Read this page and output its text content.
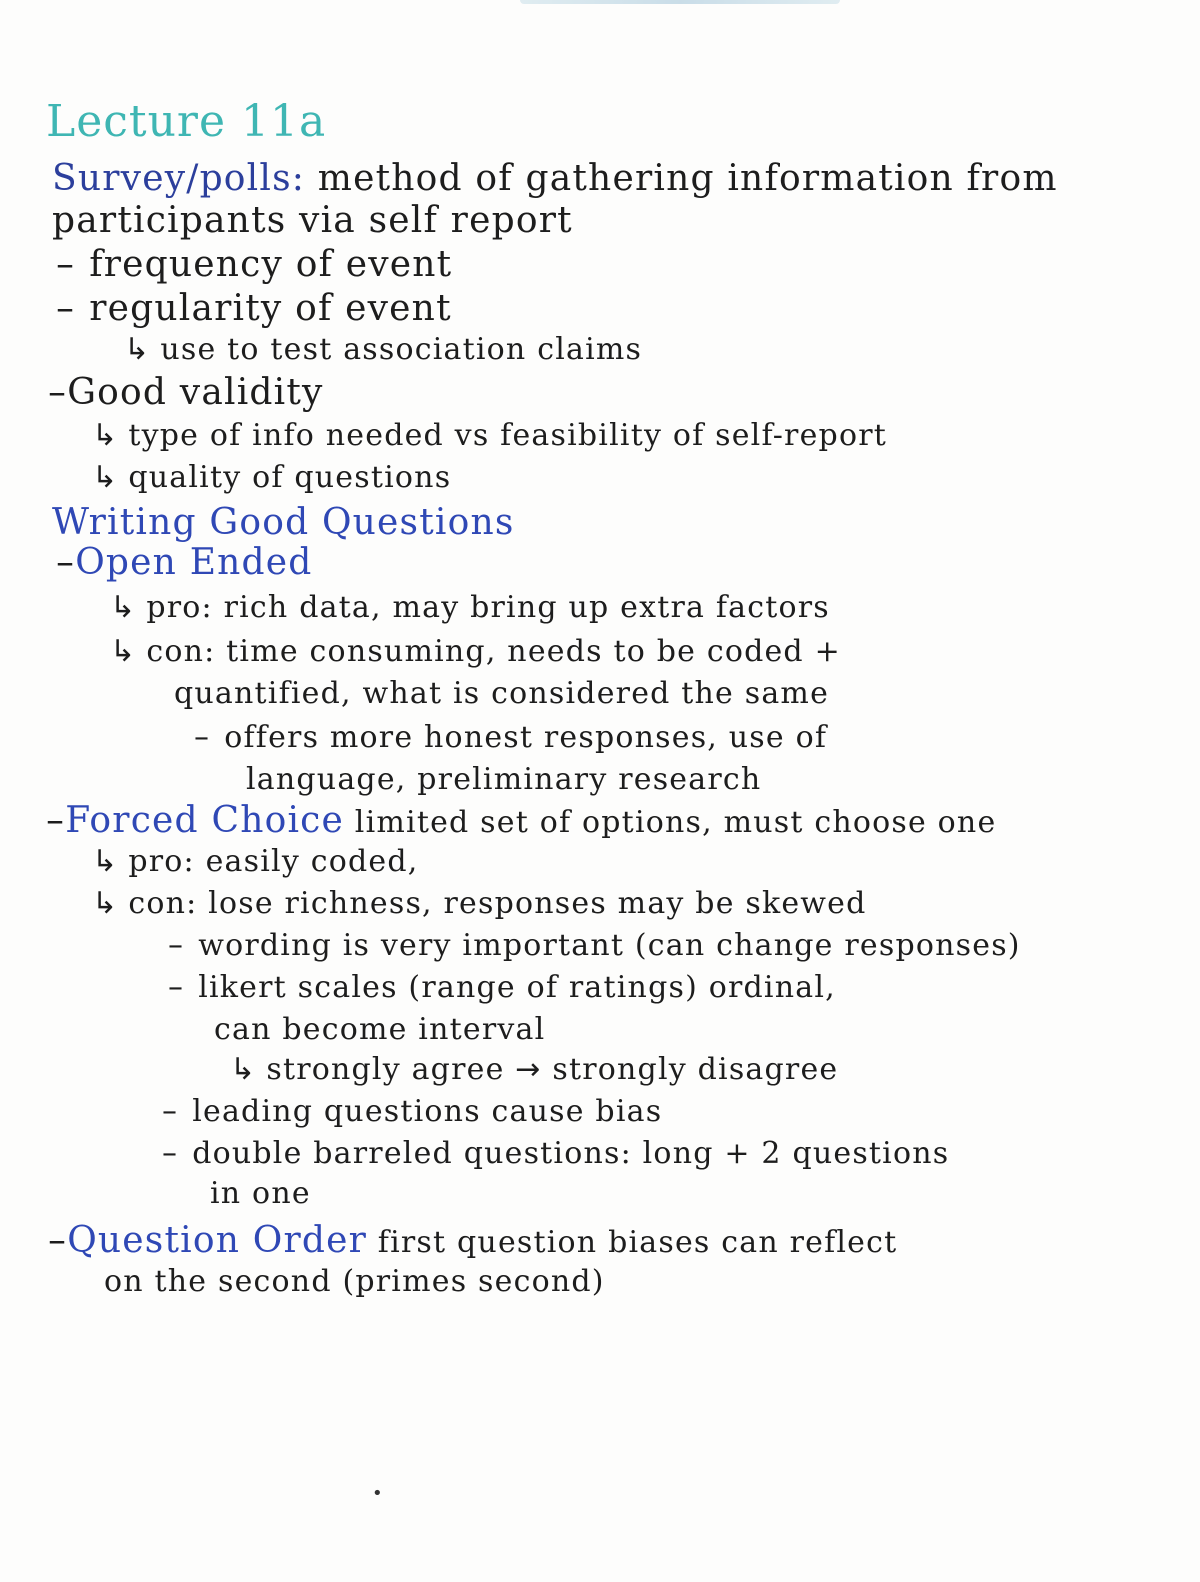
Lecture 11a
Survey/polls: method of gathering information from
participants via self report
– frequency of event
– regularity of event
↳ use to test association claims
–Good validity
↳ type of info needed vs feasibility of self-report
↳ quality of questions
Writing Good Questions
–Open Ended
↳ pro: rich data, may bring up extra factors
↳ con: time consuming, needs to be coded +
quantified, what is considered the same
– offers more honest responses, use of
language, preliminary research
–Forced Choice limited set of options, must choose one
↳ pro: easily coded,
↳ con: lose richness, responses may be skewed
– wording is very important (can change responses)
– likert scales (range of ratings) ordinal,
can become interval
↳ strongly agree → strongly disagree
– leading questions cause bias
– double barreled questions: long + 2 questions
in one
–Question Order first question biases can reflect
on the second (primes second)
•
